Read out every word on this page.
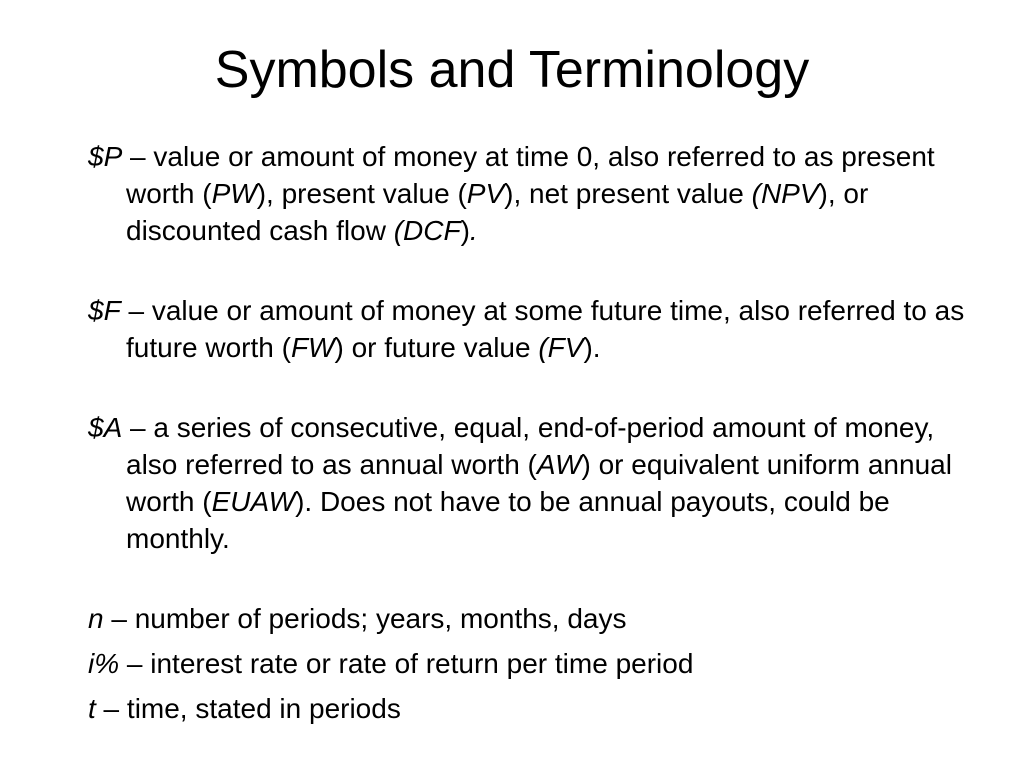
Symbols and Terminology

$P – value or amount of money at time 0, also referred to as present worth (PW), present value (PV), net present value (NPV), or discounted cash flow (DCF).

$F – value or amount of money at some future time, also referred to as future worth (FW) or future value (FV).

$A – a series of consecutive, equal, end-of-period amount of money, also referred to as annual worth (AW) or equivalent uniform annual worth (EUAW). Does not have to be annual payouts, could be monthly.

n – number of periods; years, months, days

i% – interest rate or rate of return per time period

t – time, stated in periods
